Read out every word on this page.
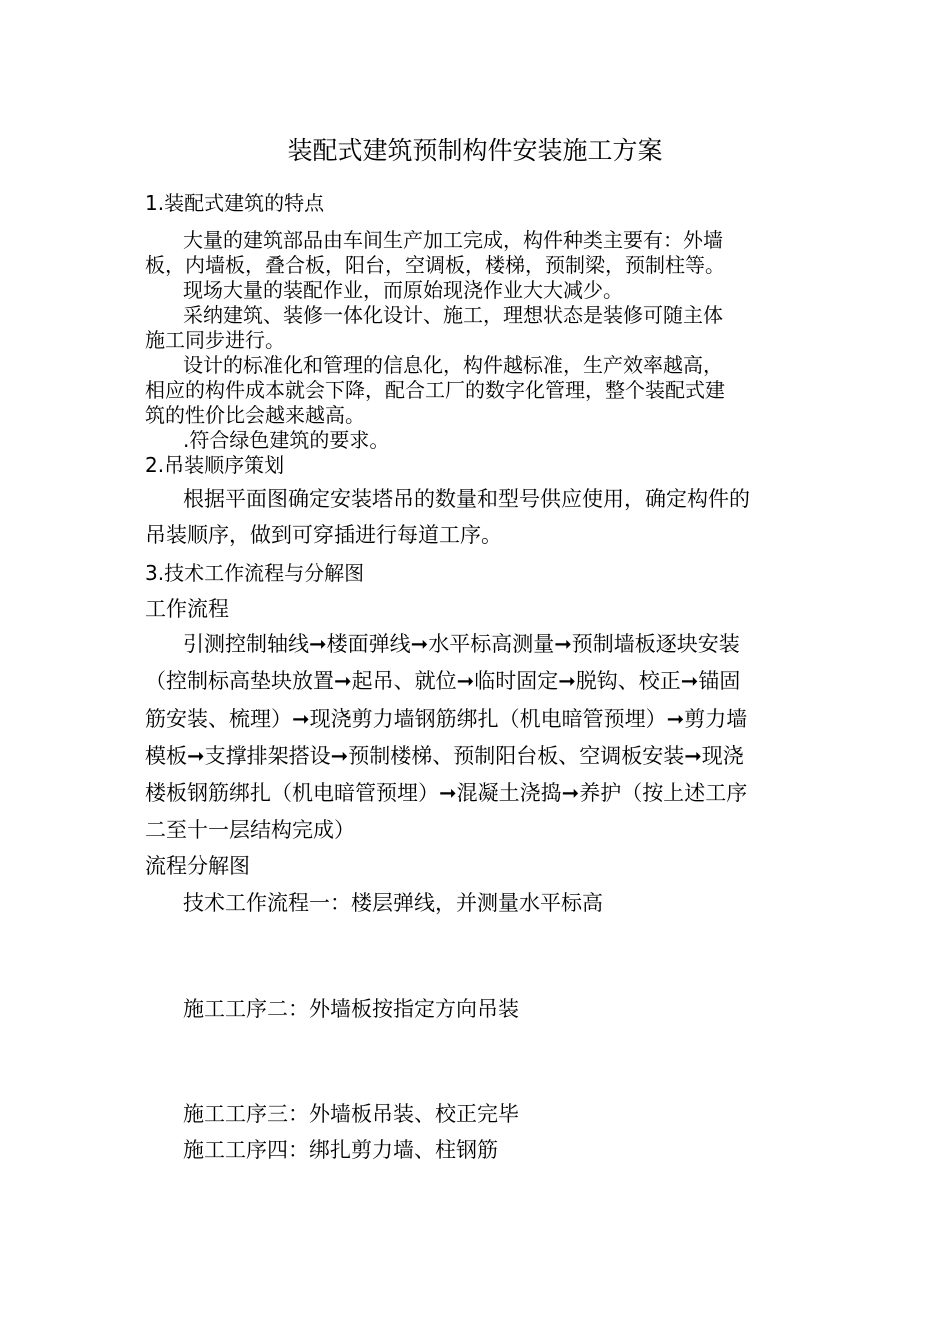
装配式建筑预制构件安装施工方案
1.装配式建筑的特点
大量的建筑部品由车间生产加工完成，构件种类主要有：外墙
板，内墙板，叠合板，阳台，空调板，楼梯，预制梁，预制柱等。
现场大量的装配作业，而原始现浇作业大大减少。
采纳建筑、装修一体化设计、施工，理想状态是装修可随主体
施工同步进行。
设计的标准化和管理的信息化，构件越标准，生产效率越高，
相应的构件成本就会下降，配合工厂的数字化管理，整个装配式建
筑的性价比会越来越高。
.符合绿色建筑的要求。
2.吊装顺序策划
根据平面图确定安装塔吊的数量和型号供应使用，确定构件的
吊装顺序，做到可穿插进行每道工序。
3.技术工作流程与分解图
工作流程
引测控制轴线➞楼面弹线➞水平标高测量➞预制墙板逐块安装
（控制标高垫块放置➞起吊、就位➞临时固定➞脱钩、校正➞锚固
筋安装、梳理）➞现浇剪力墙钢筋绑扎（机电暗管预埋）➞剪力墙
模板➞支撑排架搭设➞预制楼梯、预制阳台板、空调板安装➞现浇
楼板钢筋绑扎（机电暗管预埋）➞混凝土浇捣➞养护（按上述工序
二至十一层结构完成）
流程分解图
技术工作流程一：楼层弹线，并测量水平标高
施工工序二：外墙板按指定方向吊装
施工工序三：外墙板吊装、校正完毕
施工工序四：绑扎剪力墙、柱钢筋
